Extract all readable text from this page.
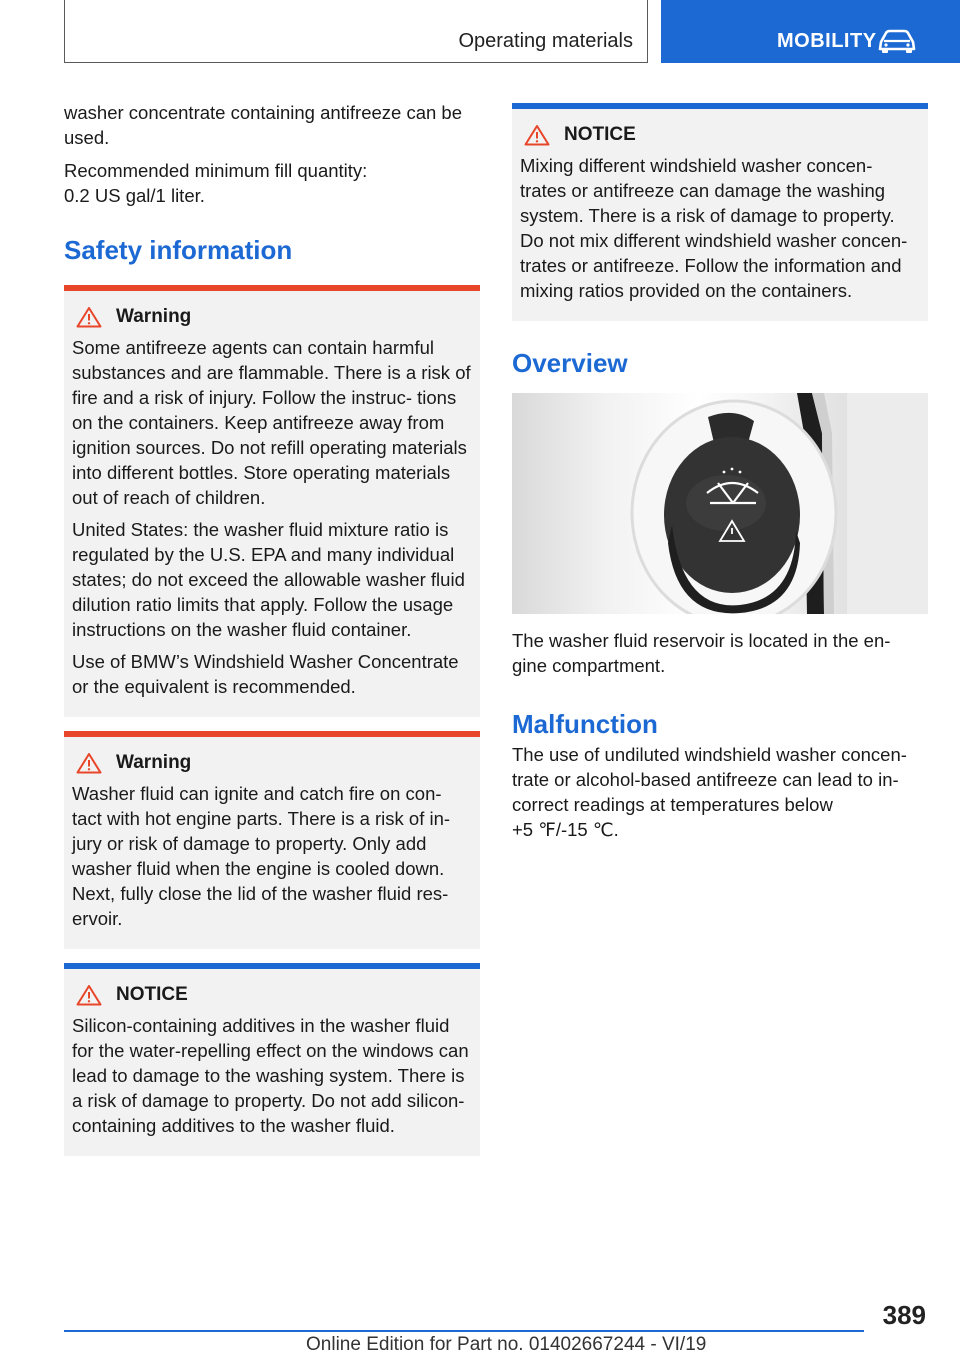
Operating materials	MOBILITY

washer concentrate containing antifreeze can be used.

Recommended minimum fill quantity:
0.2 US gal/1 liter.

Safety information
Warning

Some antifreeze agents can contain harmful substances and are flammable. There is a risk of fire and a risk of injury. Follow the instruc- tions on the containers. Keep antifreeze away from ignition sources. Do not refill operating materials into different bottles. Store operating materials out of reach of children.

United States: the washer fluid mixture ratio is regulated by the U.S. EPA and many individual states; do not exceed the allowable washer fluid dilution ratio limits that apply. Follow the usage instructions on the washer fluid container.

Use of BMW’s Windshield Washer Concentrate or the equivalent is recommended.

Warning

Washer fluid can ignite and catch fire on con- tact with hot engine parts. There is a risk of in- jury or risk of damage to property. Only add washer fluid when the engine is cooled down. Next, fully close the lid of the washer fluid res- ervoir.

NOTICE

Silicon-containing additives in the washer fluid for the water-repelling effect on the windows can lead to damage to the washing system. There is a risk of damage to property. Do not add silicon-containing additives to the washer fluid.

NOTICE

Mixing different windshield washer concen- trates or antifreeze can damage the washing system. There is a risk of damage to property. Do not mix different windshield washer concen- trates or antifreeze. Follow the information and mixing ratios provided on the containers.

Overview

The washer fluid reservoir is located in the en- gine compartment.

Malfunction

The use of undiluted windshield washer concen- trate or alcohol-based antifreeze can lead to in- correct readings at temperatures below
+5 ℉/-15 ℃.

389
Online Edition for Part no. 01402667244 - VI/19
